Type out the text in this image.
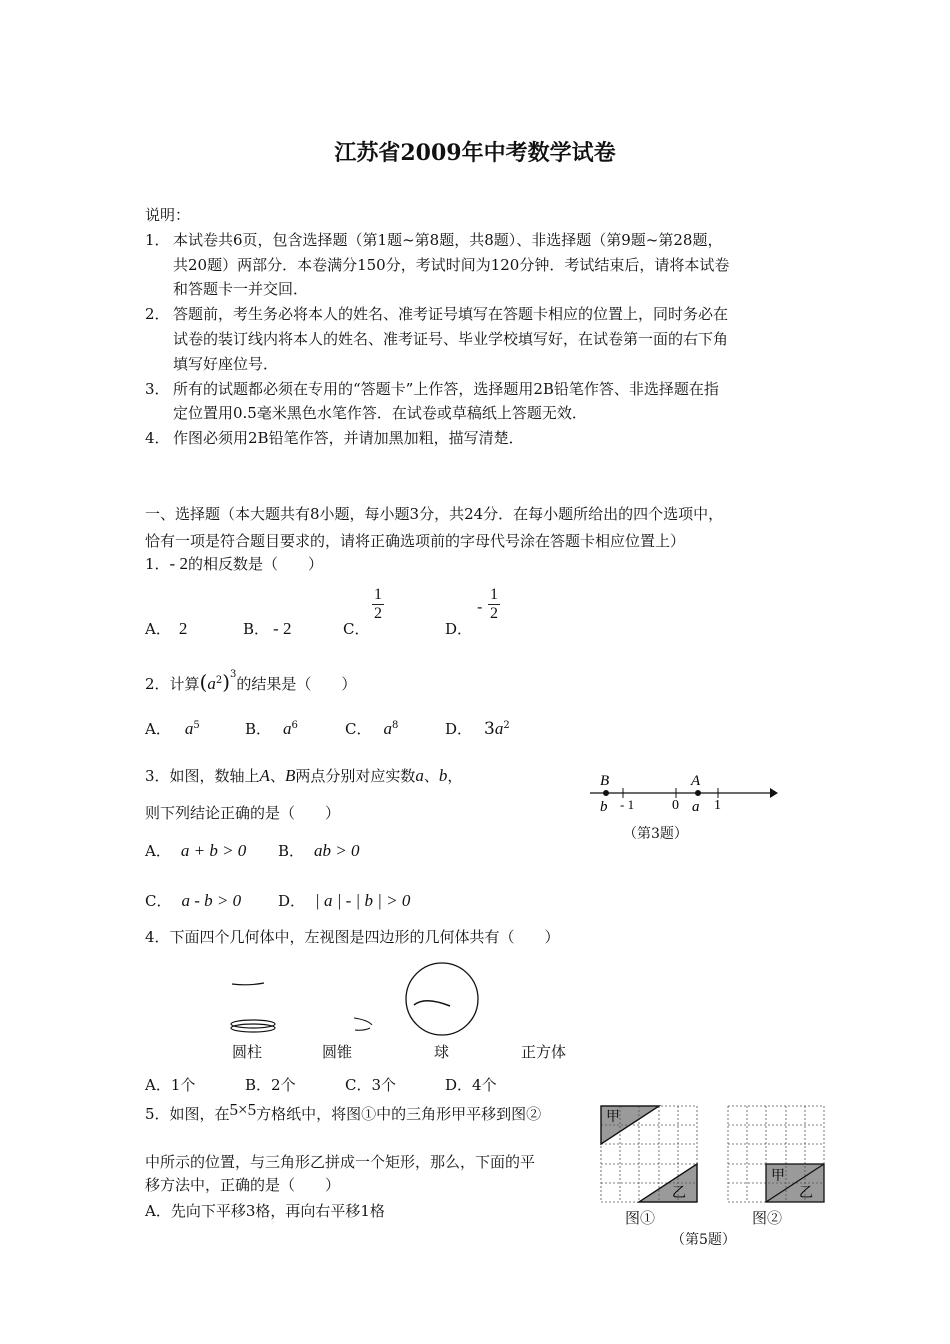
江苏省2009年中考数学试卷
说明：
1． 本试卷共6页，包含选择题（第1题~第8题，共8题）、非选择题（第9题~第28题，
共20题）两部分．本卷满分150分，考试时间为120分钟．考试结束后，请将本试卷
和答题卡一并交回．
2． 答题前，考生务必将本人的姓名、准考证号填写在答题卡相应的位置上，同时务必在
试卷的装订线内将本人的姓名、准考证号、毕业学校填写好，在试卷第一面的右下角
填写好座位号．
3． 所有的试题都必须在专用的“答题卡”上作答，选择题用2B铅笔作答、非选择题在指
定位置用0.5毫米黑色水笔作答．在试卷或草稿纸上答题无效．
4． 作图必须用2B铅笔作答，并请加黑加粗，描写清楚．
一、选择题（本大题共有8小题，每小题3分，共24分．在每小题所给出的四个选项中，
恰有一项是符合题目要求的，请将正确选项前的字母代号涂在答题卡相应位置上）
1．- 2的相反数是（　　）
A． 2	B． - 2	C．
$\frac{1}{2}$
D．
- $\frac{1}{2}$
2．计算$(a^2)^3$的结果是（　　）
A． $a^5$	B． $a^6$	C． $a^8$	D． $3a^2$
3．如图，数轴上A、B两点分别对应实数a、b，
则下列结论正确的是（　　）
A． a + b > 0 B． ab > 0
C． a - b > 0 D． | a | - | b | > 0
B	A
b - 1	0 a 1
（第3题）
4．下面四个几何体中，左视图是四边形的几何体共有（　　）
圆柱	圆锥	球	正方体
A．1个	B．2个	C．3个	D．4个
5．如图，在5×5方格纸中，将图①中的三角形甲平移到图②
中所示的位置，与三角形乙拼成一个矩形，那么，下面的平
移方法中，正确的是（　　）
A．先向下平移3格，再向右平移1格
甲
乙
甲
乙
图①	图②
（第5题）
